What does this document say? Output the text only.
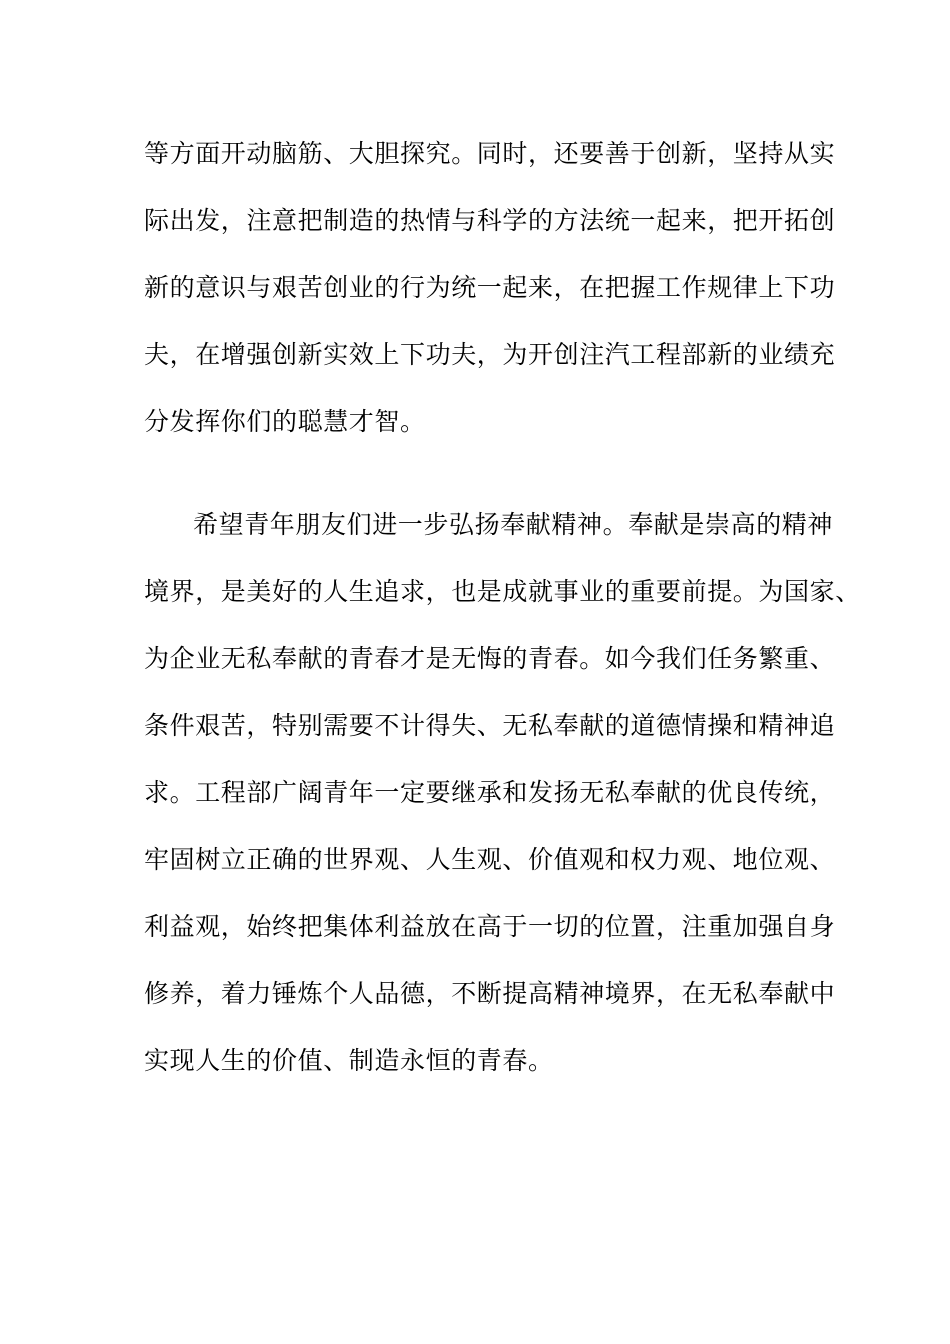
等方面开动脑筋、大胆探究。同时，还要善于创新，坚持从实
际出发，注意把制造的热情与科学的方法统一起来，把开拓创
新的意识与艰苦创业的行为统一起来，在把握工作规律上下功
夫，在增强创新实效上下功夫，为开创注汽工程部新的业绩充
分发挥你们的聪慧才智。
希望青年朋友们进一步弘扬奉献精神。奉献是崇高的精神
境界，是美好的人生追求，也是成就事业的重要前提。为国家、
为企业无私奉献的青春才是无悔的青春。如今我们任务繁重、
条件艰苦，特别需要不计得失、无私奉献的道德情操和精神追
求。工程部广阔青年一定要继承和发扬无私奉献的优良传统，
牢固树立正确的世界观、人生观、价值观和权力观、地位观、
利益观，始终把集体利益放在高于一切的位置，注重加强自身
修养，着力锤炼个人品德，不断提高精神境界，在无私奉献中
实现人生的价值、制造永恒的青春。
